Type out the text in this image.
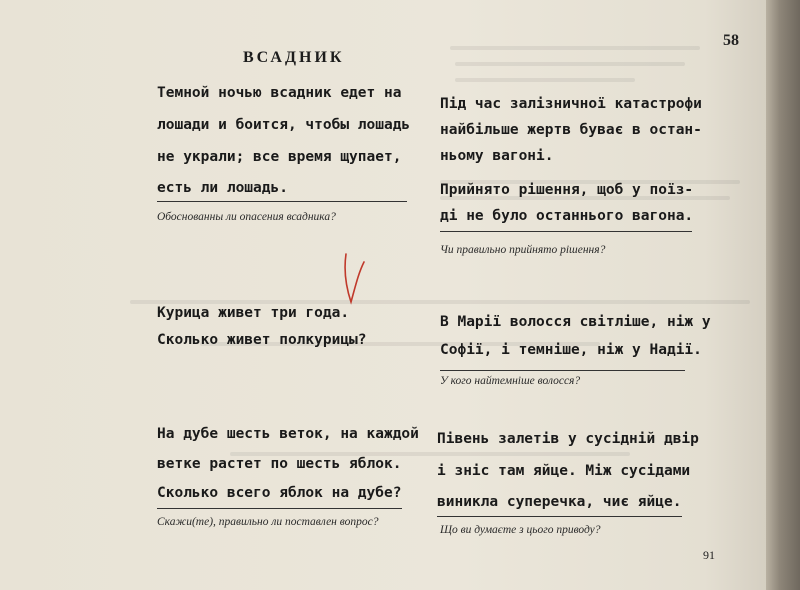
58
ВСАДНИК
Темной ночью всадник едет на
лошади и боится, чтобы лошадь
не украли; все время щупает,
есть ли лошадь.
Обоснованны ли опасения всадника?
Під час залізничної катастрофи
найбільше жертв буває в остан-
ньому вагоні.
Прийнято рішення, щоб у поїз-
ді не було останнього вагона.
Чи правильно прийнято рішення?
Курица живет три года.
Сколько живет полкурицы?
В Марії волосся світліше, ніж у
Софії, і темніше, ніж у Надії.
У кого найтемніше волосся?
На дубе шесть веток, на каждой
ветке растет по шесть яблок.
Сколько всего яблок на дубе?
Скажи(те), правильно ли поставлен вопрос?
Півень залетів у сусідній двір
і зніс там яйце. Між сусідами
виникла суперечка, чиє яйце.
Що ви думаєте з цього приводу?
91
